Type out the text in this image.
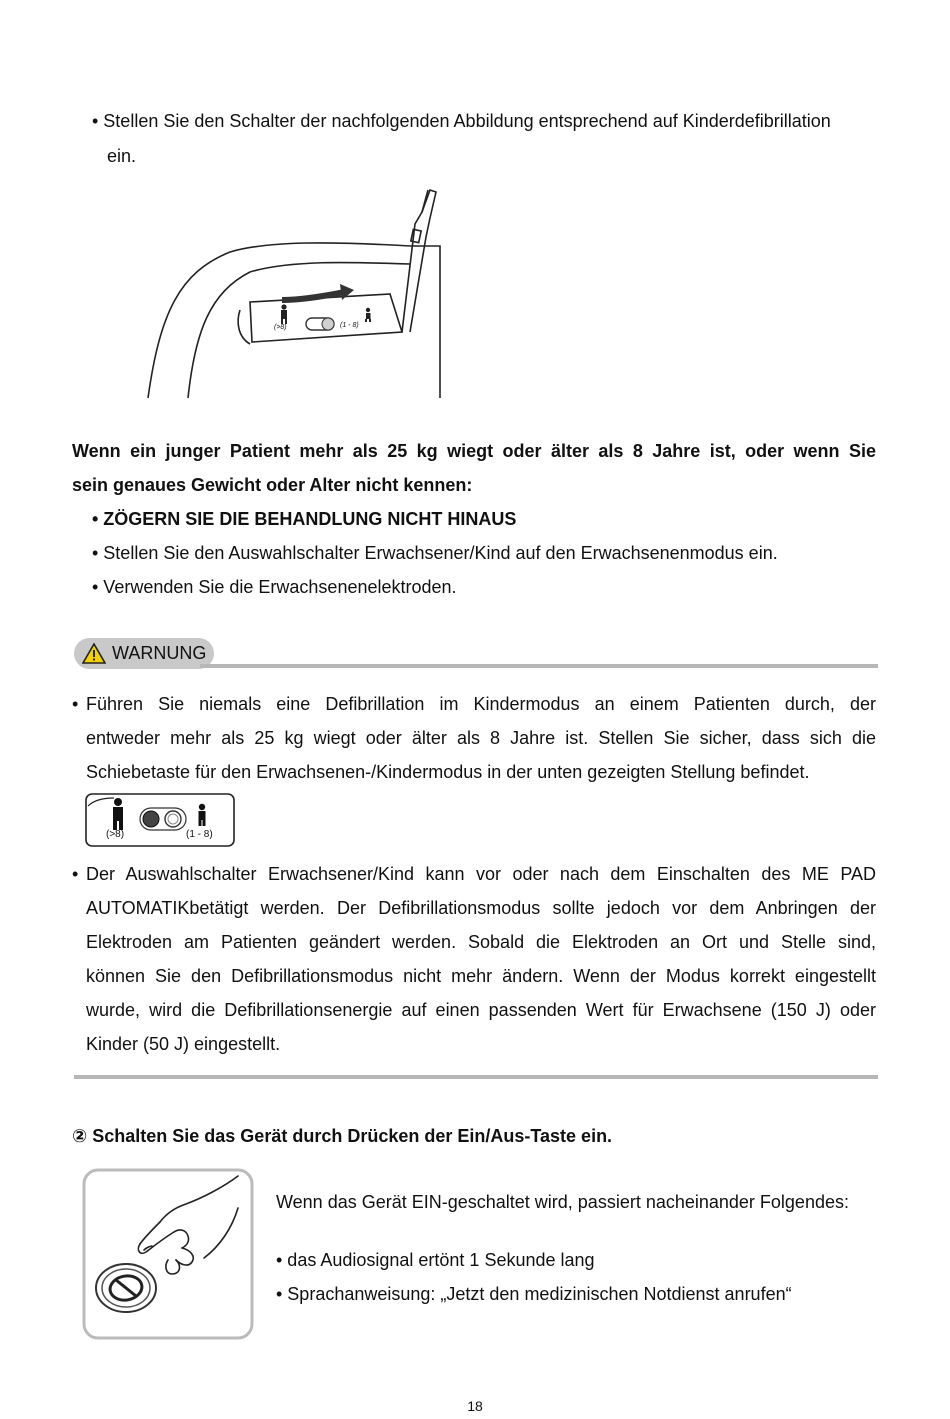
• Stellen Sie den Schalter der nachfolgenden Abbildung entsprechend auf Kinderdefibrillation
ein.
(>8)	(1 - 8)
Wenn ein junger Patient mehr als 25 kg wiegt oder älter als 8 Jahre ist, oder wenn Sie
sein genaues Gewicht oder Alter nicht kennen:
• ZÖGERN SIE DIE BEHANDLUNG NICHT HINAUS
• Stellen Sie den Auswahlschalter Erwachsener/Kind auf den Erwachsenenmodus ein.
• Verwenden Sie die Erwachsenenelektroden.
WARNUNG
• Führen Sie niemals eine Defibrillation im Kindermodus an einem Patienten durch, der
entweder mehr als 25 kg wiegt oder älter als 8 Jahre ist. Stellen Sie sicher, dass sich die
Schiebetaste für den Erwachsenen-/Kindermodus in der unten gezeigten Stellung befindet.
(>8)	(1 - 8)
• Der Auswahlschalter Erwachsener/Kind kann vor oder nach dem Einschalten des ME PAD
AUTOMATIKbetätigt werden. Der Defibrillationsmodus sollte jedoch vor dem Anbringen der
Elektroden am Patienten geändert werden. Sobald die Elektroden an Ort und Stelle sind,
können Sie den Defibrillationsmodus nicht mehr ändern. Wenn der Modus korrekt eingestellt
wurde, wird die Defibrillationsenergie auf einen passenden Wert für Erwachsene (150 J) oder
Kinder (50 J) eingestellt.
② Schalten Sie das Gerät durch Drücken der Ein/Aus-Taste ein.
Wenn das Gerät EIN-geschaltet wird, passiert nacheinander Folgendes:
• das Audiosignal ertönt 1 Sekunde lang
• Sprachanweisung: „Jetzt den medizinischen Notdienst anrufen“
18
